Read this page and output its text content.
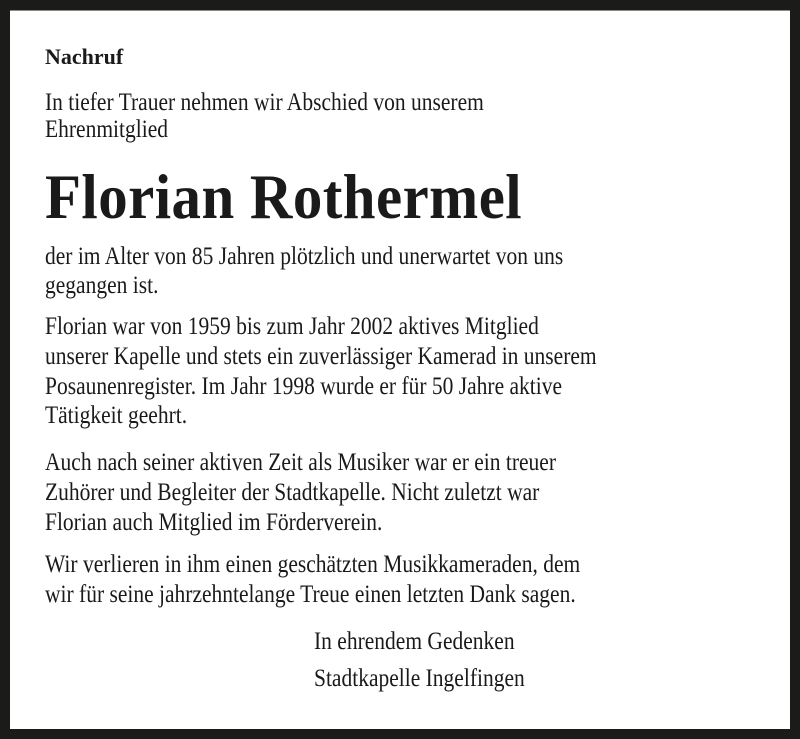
Nachruf
In tiefer Trauer nehmen wir Abschied von unserem
Ehrenmitglied
Florian Rothermel
der im Alter von 85 Jahren plötzlich und unerwartet von uns
gegangen ist.
Florian war von 1959 bis zum Jahr 2002 aktives Mitglied
unserer Kapelle und stets ein zuverlässiger Kamerad in unserem
Posaunenregister. Im Jahr 1998 wurde er für 50 Jahre aktive
Tätigkeit geehrt.
Auch nach seiner aktiven Zeit als Musiker war er ein treuer
Zuhörer und Begleiter der Stadtkapelle. Nicht zuletzt war
Florian auch Mitglied im Förderverein.
Wir verlieren in ihm einen geschätzten Musikkameraden, dem
wir für seine jahrzehntelange Treue einen letzten Dank sagen.
In ehrendem Gedenken
Stadtkapelle Ingelfingen
